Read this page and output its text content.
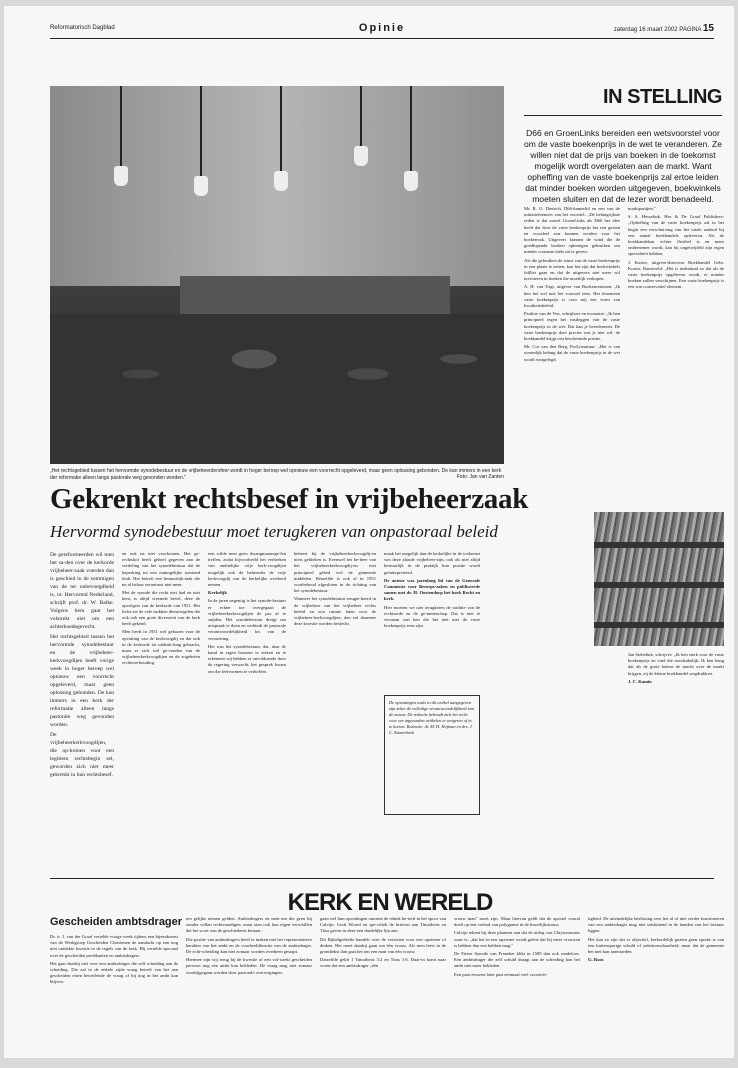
Reformatorisch Dagblad	Opinie	zaterdag 16 maart 2002 PAGINA 15
„Het rechtsgebied tussen het hervormde synodebestuur en de vrijbeheerdersfeer wordt in hoger beroep wel opnieuw een voorrecht opgeleverd, maar geen oplossing gebonden. De kan immers in een kerk der reformatie alleen langs pastorale weg gevonden worden."	Foto: Jan van Zanten
IN STELLING

D66 en GroenLinks bereiden een wetsvoorstel voor om de vaste boekenprijs in de wet te veranderen. Ze willen niet dat de prijs van boeken in de toekomst mogelijk wordt overgelaten aan de markt. Want opheffing van de vaste boekenprijs zal ertoe leiden dat minder boeken worden uitgegeven, boekwinkels moeten sluiten en dat de lezer wordt benadeeld.

Mr. R. O. Dietrich, D66-kamerlid en een van de initiatiefnemers van het voorstel: „De belangrijkste reden is dat zowel GroenLinks als D66 het idee heeft dat door de vaste boekenprijs het een gezien en voordeel zou kunnen worden voor het boekenvak. Uitgevers kunnen de wind die de goedlopende boeken opbrengen gebruiken om minder courante titels uit te geven.

Als die gebruiken de winst van de vaste boekenprijs in een plaats te zetten, kan het zijn dat boekwinkels failliet gaan en dat de uitgevers niet meer wil investeren in boeken die moeilijk verkopen.

A. H. van Trigt, uitgever van Boekencentrum: „Ik ben het wel met het voorstel eens. Het fenomeen vaste boekenprijs is voor mij een vorm van kwaliteitsbeleid.

Pauline van de Ven, schrijfster en econome: „Ik ben principieel tegen het vastleggen van de vaste boekenprijs in de wet. Dat kan je beredeneren. De vaste boekenprijs doet precies wat je niet wil: de boekhandel krijgt een beschermde positie.

Mr. Cor van den Berg, ProLiteratuur: „Het is van wezenlijk belang dat de vaste boekenprijs in de wet wordt vastgelegd.

marktpartijen."

S. S. Hesselink, Hes & De Graaf Publishers: „Opheffing van de vaste boekenprijs zal in het begin een verschuiving van het totale aanbod bij een aantal boekhandels opleveren. Als de boekhandelaar echter flexibel is en meer ondernemer wordt, kan hij ongetwijfeld zijn eigen specialiteit hebben.

J. Koster, uitgever/directeur Boekhandel Gebr. Koster, Barneveld: „Het is inderdaad zo dat als de vaste boekenprijs opgeheven wordt, er minder boeken zullen verschijnen. Een vaste boekenprijs is een wat conservatief element.

Jan Siebelink, schrijver: „Ik ben sterk voor de vaste boekenprijs en vind die noodzakelijk. Ik ben bang dat als de grote ketens de macht over de markt krijgen, zij de kleine boekhandel wegdrukken.

J. C. Kamin

Gekrenkt rechtsbesef in vrijbeheerzaak
Hervormd synodebestuur moet terugkeren van onpastoraal beleid

De gereformeerden wil men het sa-den over de kerkorde vrijbeheer-zaak voerden dan is geschied in de sommigen van de ter onbevoegdheid is, in: Hervormd Nederland, schrijft prof. dr. W. Balke. Volgens hem gaat het volstrekt niet om een achterhoedegevecht.

Het rechtsgebied tussen het hervormde synodebestuur en de vrijbeheer-kerkvoogdijen heeft vorige week in hoger beroep wel opnieuw een voorrecht opgeleverd, maar geen oplossing gebonden. De kan immers in een kerk der reformatie alleen langs pastorale weg gevonden worden.

De vrijbeheerkerkvoogdijen, die op-komen voor een legitiem rechtsbegin sel, geworden zich niet meer gekrenkt in hun rechtsbesef.

en ook na niet voorkomen. Het ge-rechtshof heeft geheel gegeven aan de verdeling van het synodebestuur dat de beperking tot een onmogelijke toestand leidt. Het betreft een bestuurlijk-taak die nu al helaas verontrust niet meer.

Met de synode die recht niet had en niet kent, is altijd vreemde bevel, deze de opvolgers van de kerkorde van 1951. Het liefst zie de vele stukken dienstregelen die ook ook een grote diversiteit van de kerk heeft gekend.

Men heeft in 1951 wel gekozen voor de opvatting van de kerkvoogdij en dat ook in de kerkorde tot uitdruk-king gebracht, maar er zich wel ge-vonden van de vrijbeheerkerkvoogdijen en de zogeheten rechtsverhouding.

een wilde men geen dwangmaatrege-len treffen, zodat bijvoorbeeld het verbreken van ambtelijke vrije kerk-voogdijen mogelijk ook de beheerder de vrije kerkvoogdij van de kerkelijke overheid nemen.

Kerkelijk

In de jaren negentig is het synode-bestuur er echter toe overgegaan de vrijbeheerkerkvoogdijen de pas af te snijden. Het synodebestuur dreigt om uitspraak te doen en verbindt de pastorale verantwoordelijkheid los van de verzoening.

Het was het synodebestuur, dat, daar de hand in eigen boezem te steken en te erkennen wij hebben er onvoldoende door de regering verwacht, het gesprek kwam om die leefvormen te verheffen.

beheert bij de vrijbeheerkerkvoogdij-en niets gebleken is. Evenwel het be-heer van het vrijbeheerkerkvoogdij-en niet principieel gebed wel de gemeente middelen. Hetzelfde is ook al in 1951 voorbehoud afgesloten in de richting van het synodebestuur.

Wanneer het synodebestuur terugte-keerd in de vrijbeheer van het vrijbeheer rechts beleid en zou ruimte laten voor de vrijbeheer-kerkvoogdijen, dan zal daarmee deze kwestie worden beslecht.

maak het mogelijk dan de kerkelijke in de toekomst van deze aloude vrijbeheer-zijn, ook als niet altijd bestuurlijk in de praktijk hun positie wordt geïnterpreteerd.

De auteur was jarenlang lid van de Generale Commissie voor Beroeps-zaken en publiceerde samen met dr. H. Oostendorp het boek Recht en kerk.

Hier moeten we niet terugkeren de traditie van de rechtsorde en de ge-meenschap. Dat is niet te verstaan van hen die het niet met de vaste boekenprijs eens zijn.

De opvattingen zoals in dit artikel aangegeven zijn zeker de volledige verantwoordelijkheid van de auteur. De redactie behoudt zich het recht voor om ingezonden artikelen te weigeren of in te korten. Redactie: dr. M. H. Hofman en drs. J. C. Kamerbeek
KERK EN WERELD
Gescheiden ambtsdrager

Dr. ir. J. van der Graaf vertelde vorige week tijdens een bijeenkomst van de Werkgroep Gescheiden Christenen de aandacht op een nog niet ontdekte kwestie in de regels van de kerk. Hij vertelde speciaal over de gescheiden predikanten en ambtsdragers.

Het gaat daarbij niet over een ambtsdrager die zelf scheiding aan de scheiding. Die zal in de enkele zijde vraag betreft van het aan gescheiden eisen betreffende de vraag of hij nog in het ambt kan blijven.

ten gelijke nemen gelden. Ambtsdragers en men-sen die geen bij zonder willen rechtvaardigen, maar zien ook hun eigen verschillen dat het soort van de geschiedenis bestaat.

Die positie van ambtsdragers heeft te maken met het representatieve karakter van het ambt en de voorbeeldfunctie van de ambtsdrager. De echt-scheiding kan niet zomaar worden overheen gestapt.

Hiermee zijn wij terug bij de kwestie of een vol-strekt gescheiden persoon nog een ambt kan bekleden. De vraag mag niet zomaar voorbijgegaan worden door pastorale overwegingen.

gaan wel hun opvattingen omtrent de ethiek be-treft in het spoor van Calvijn. Gods Woord en spe-cifiek de brieven aan Timotheüs en Titus geven in deze een duidelijke lijn aan.

Dit Bijbelgedeelte handelt over de vereisten voor een opziener of diaken. Het moet daarbij gaan om één vrouw. Als men leest in de grondtekst dan gaat het om een man van één vrouw.

Datzelfde geldt 1 Timotheüs 3:2 en Titus 1:6. Daar-in komt naar voren dat een ambtsdrager „één

vrouw man" moet zijn. Maar hiervan geldt dat de apostel vooral doelt op een verbod van polygamie in de huwelijkstrouw.

Calvijn tekent bij deze plaatsen aan dat de uitleg van Chrysostomus waar is: „dat het in een opziener wordt geëist dat hij meer vrouwen is hebben dan een hebben mag."

De Friese Synode van Franeker blikt in 1589 dan ook rondeloos. Een ambtsdrager die zelf schuld draagt aan de scheiding kan het ambt niet meer bekleden.

Een paar eeuwen later past eenmaal veel voorzich-

tigheid. De uiteindelijke beslissing over het al of niet verder functioneren van een ambtsdrager mag niet uitsluitend in de handen van het bestuur liggen.

Het kan zo zijn dat er objectief, kerkordelijk gezien geen sprake is van een buitensporige schuld of onbetrouwbaarheid, maar dat de gemeente het niet kan aanvaarden.

G. Roos
